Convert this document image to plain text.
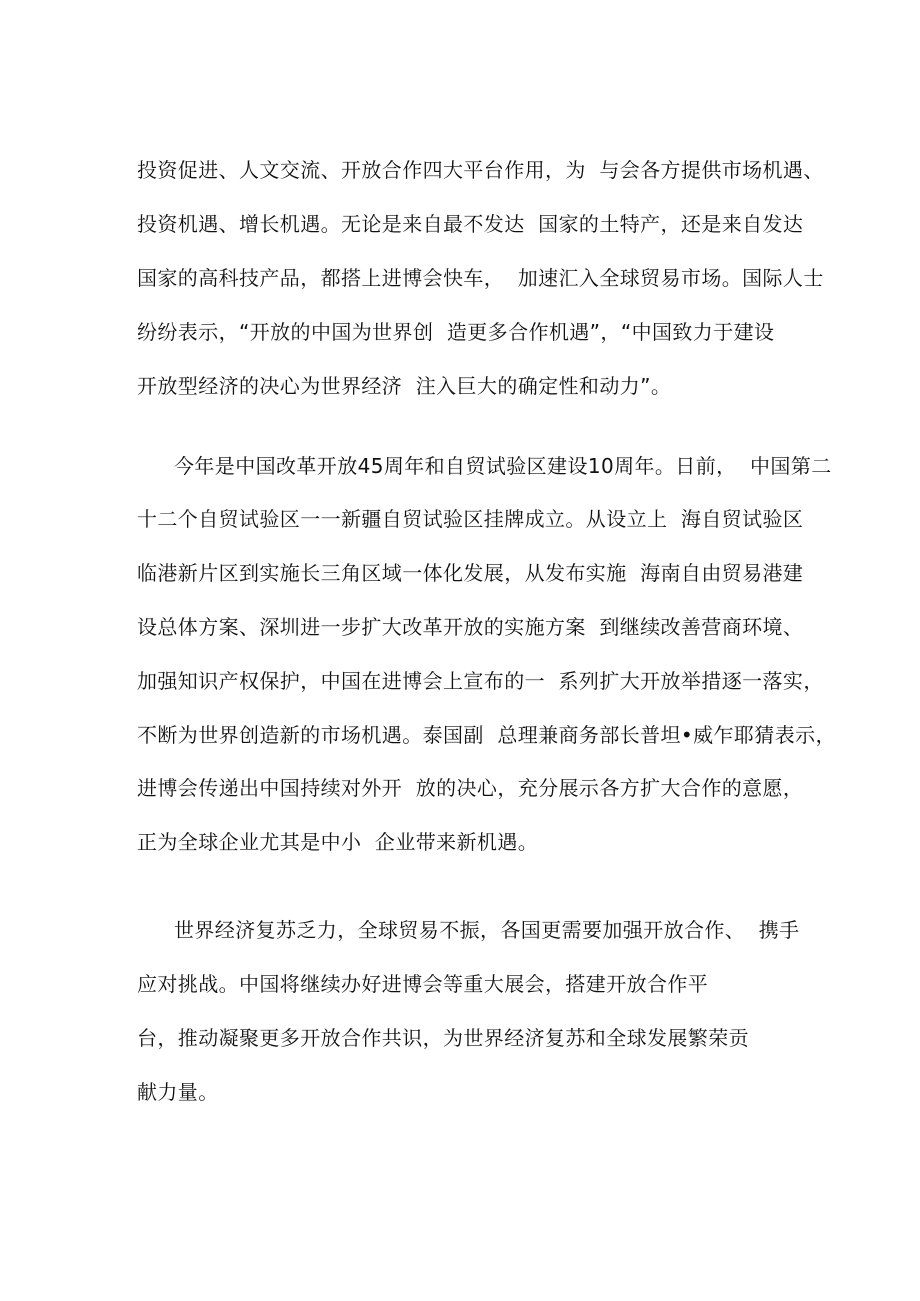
投资促进、人文交流、开放合作四大平台作用，为  与会各方提供市场机遇、
投资机遇、增长机遇。无论是来自最不发达  国家的土特产，还是来自发达
国家的高科技产品，都搭上进博会快车，  加速汇入全球贸易市场。国际人士
纷纷表示，“开放的中国为世界创  造更多合作机遇”，“中国致力于建设
开放型经济的决心为世界经济  注入巨大的确定性和动力”。
今年是中国改革开放45周年和自贸试验区建设10周年。日前，  中国第二
十二个自贸试验区一一新疆自贸试验区挂牌成立。从设立上  海自贸试验区
临港新片区到实施长三角区域一体化发展，从发布实施  海南自由贸易港建
设总体方案、深圳进一步扩大改革开放的实施方案  到继续改善营商环境、
加强知识产权保护，中国在进博会上宣布的一  系列扩大开放举措逐一落实，
不断为世界创造新的市场机遇。泰国副  总理兼商务部长普坦•威乍耶猜表示，
进博会传递出中国持续对外开  放的决心，充分展示各方扩大合作的意愿，
正为全球企业尤其是中小  企业带来新机遇。
世界经济复苏乏力，全球贸易不振，各国更需要加强开放合作、  携手
应对挑战。中国将继续办好进博会等重大展会，搭建开放合作平
台，推动凝聚更多开放合作共识，为世界经济复苏和全球发展繁荣贡
献力量。
